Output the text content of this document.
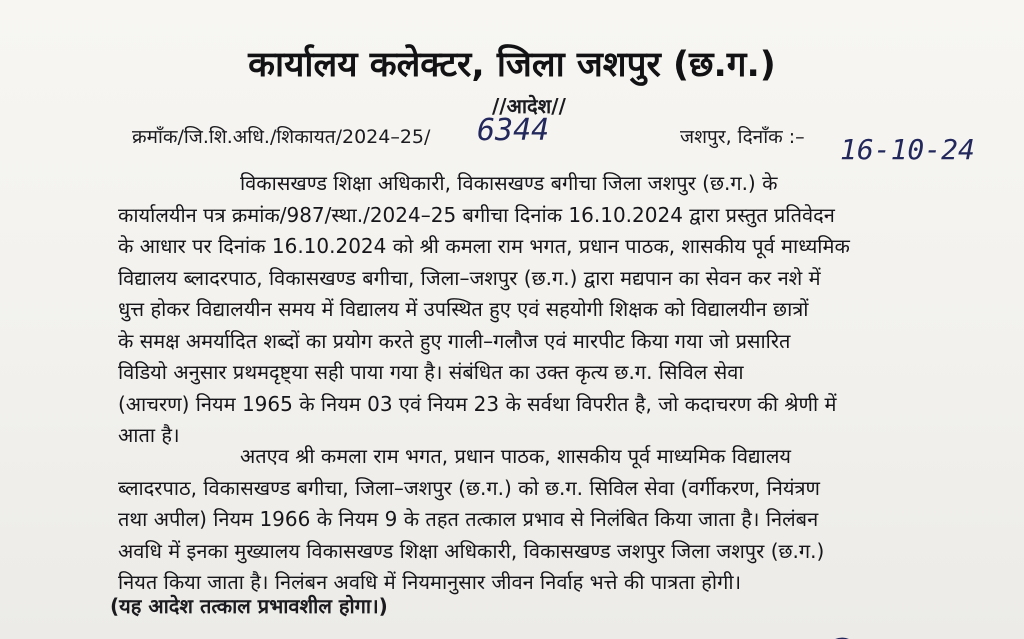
कार्यालय कलेक्टर, जिला जशपुर (छ.ग.)
//आदेश//
क्रमाँक/जि.शि.अधि./शिकायत/2024–25/ 6344	जशपुर, दिनाँक :– 16-10-24
विकासखण्ड शिक्षा अधिकारी, विकासखण्ड बगीचा जिला जशपुर (छ.ग.) के
कार्यालयीन पत्र क्रमांक/987/स्था./2024–25 बगीचा दिनांक 16.10.2024 द्वारा प्रस्तुत प्रतिवेदन
के आधार पर दिनांक 16.10.2024 को श्री कमला राम भगत, प्रधान पाठक, शासकीय पूर्व माध्यमिक
विद्यालय ब्लादरपाठ, विकासखण्ड बगीचा, जिला–जशपुर (छ.ग.) द्वारा मद्यपान का सेवन कर नशे में
धुत्त होकर विद्यालयीन समय में विद्यालय में उपस्थित हुए एवं सहयोगी शिक्षक को विद्यालयीन छात्रों
के समक्ष अमर्यादित शब्दों का प्रयोग करते हुए गाली–गलौज एवं मारपीट किया गया जो प्रसारित
विडियो अनुसार प्रथमदृष्ट्या सही पाया गया है। संबंधित का उक्त कृत्य छ.ग. सिविल सेवा
(आचरण) नियम 1965 के नियम 03 एवं नियम 23 के सर्वथा विपरीत है, जो कदाचरण की श्रेणी में
आता है।
अतएव श्री कमला राम भगत, प्रधान पाठक, शासकीय पूर्व माध्यमिक विद्यालय
ब्लादरपाठ, विकासखण्ड बगीचा, जिला–जशपुर (छ.ग.) को छ.ग. सिविल सेवा (वर्गीकरण, नियंत्रण
तथा अपील) नियम 1966 के नियम 9 के तहत तत्काल प्रभाव से निलंबित किया जाता है। निलंबन
अवधि में इनका मुख्यालय विकासखण्ड शिक्षा अधिकारी, विकासखण्ड जशपुर जिला जशपुर (छ.ग.)
नियत किया जाता है। निलंबन अवधि में नियमानुसार जीवन निर्वाह भत्ते की पात्रता होगी।
(यह आदेश तत्काल प्रभावशील होगा।)
